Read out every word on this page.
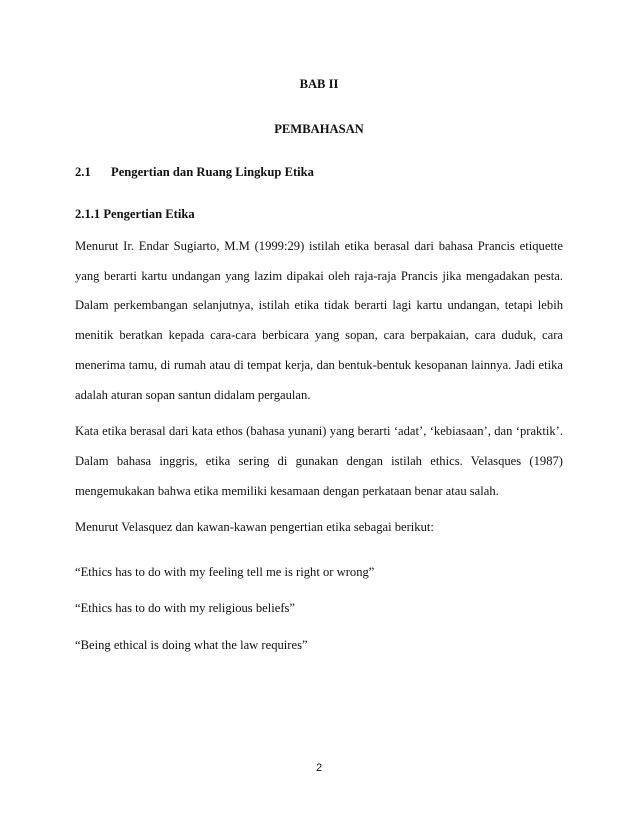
BAB II
PEMBAHASAN
2.1 Pengertian dan Ruang Lingkup Etika
2.1.1 Pengertian Etika
Menurut Ir. Endar Sugiarto, M.M (1999:29) istilah etika berasal dari bahasa Prancis etiquette
yang berarti kartu undangan yang lazim dipakai oleh raja-raja Prancis jika mengadakan pesta.
Dalam perkembangan selanjutnya, istilah etika tidak berarti lagi kartu undangan, tetapi lebih
menitik beratkan kepada cara-cara berbicara yang sopan, cara berpakaian, cara duduk, cara
menerima tamu, di rumah atau di tempat kerja, dan bentuk-bentuk kesopanan lainnya. Jadi etika
adalah aturan sopan santun didalam pergaulan.
Kata etika berasal dari kata ethos (bahasa yunani) yang berarti ‘adat’, ‘kebiasaan’, dan ‘praktik’.
Dalam bahasa inggris, etika sering di gunakan dengan istilah ethics. Velasques (1987)
mengemukakan bahwa etika memiliki kesamaan dengan perkataan benar atau salah.
Menurut Velasquez dan kawan-kawan pengertian etika sebagai berikut:
“Ethics has to do with my feeling tell me is right or wrong”
“Ethics has to do with my religious beliefs”
“Being ethical is doing what the law requires”
2
